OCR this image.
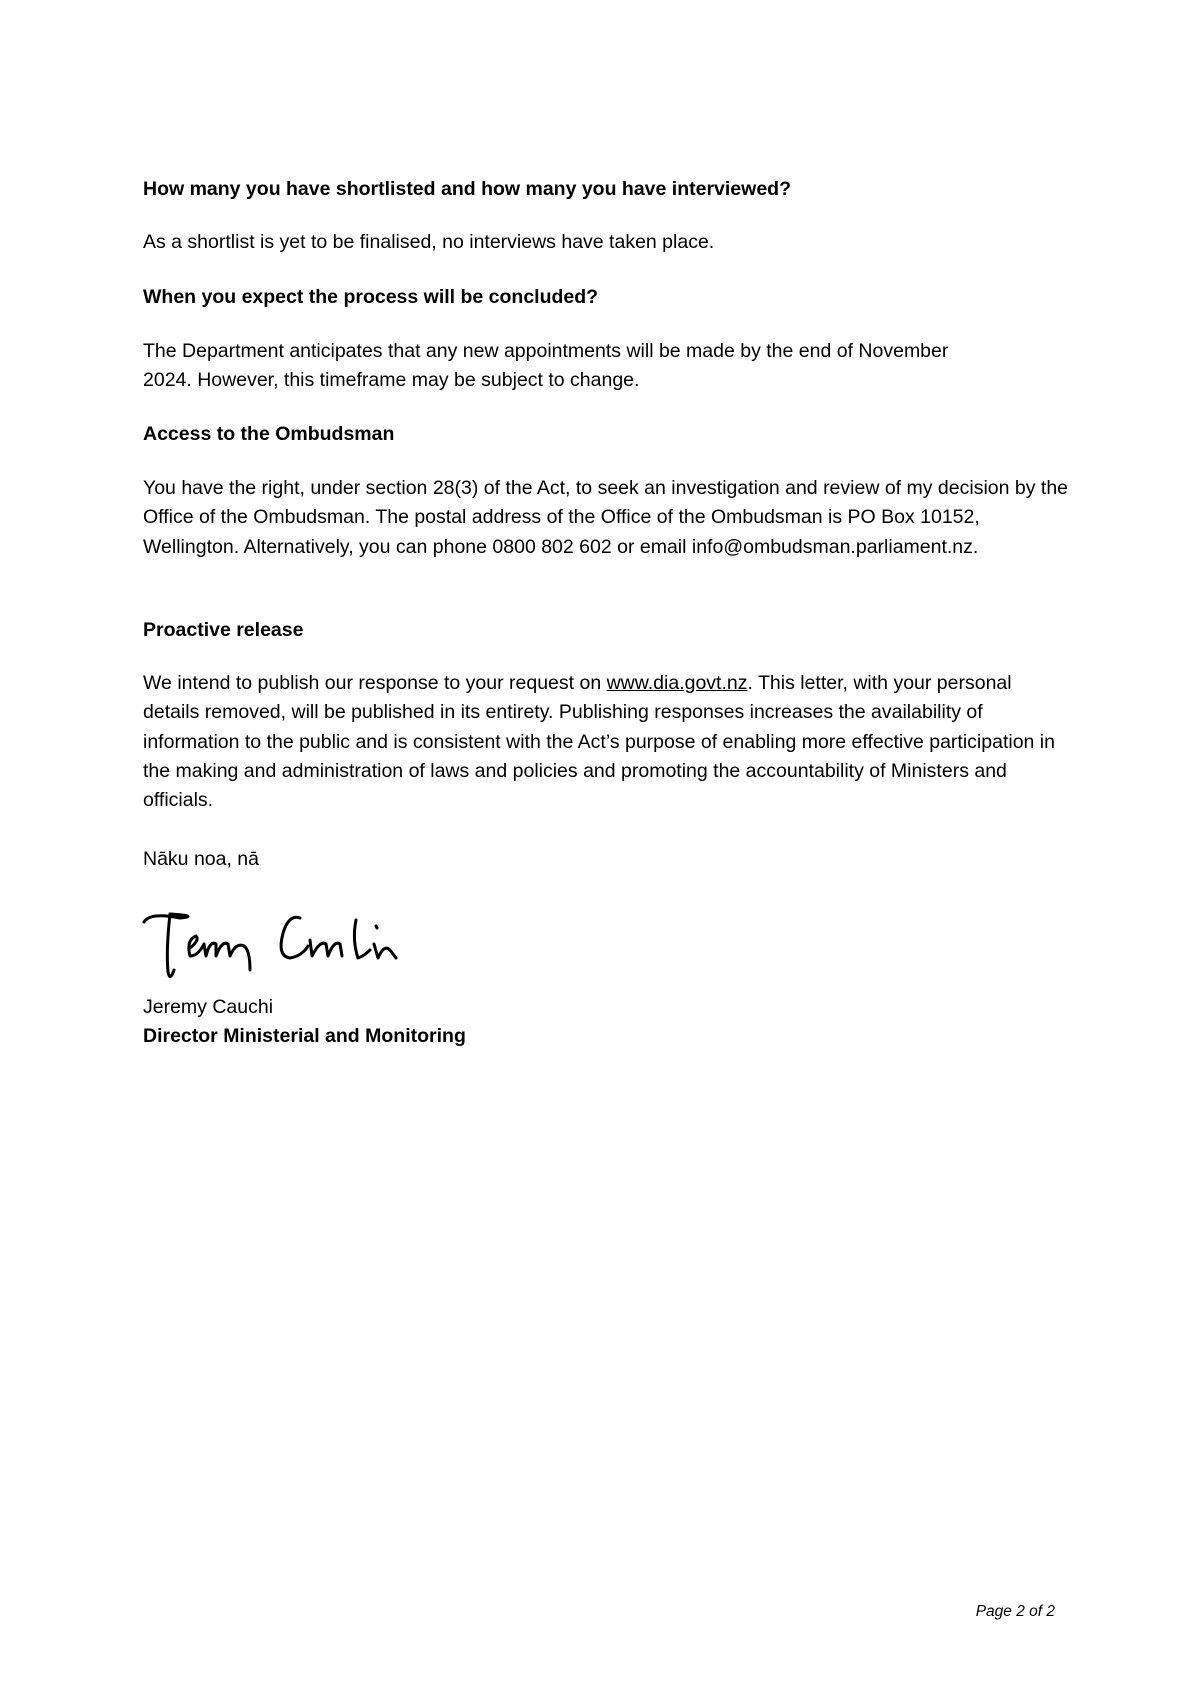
How many you have shortlisted and how many you have interviewed?
As a shortlist is yet to be finalised, no interviews have taken place.
When you expect the process will be concluded?
The Department anticipates that any new appointments will be made by the end of November 2024. However, this timeframe may be subject to change.
Access to the Ombudsman
You have the right, under section 28(3) of the Act, to seek an investigation and review of my decision by the Office of the Ombudsman. The postal address of the Office of the Ombudsman is PO Box 10152, Wellington. Alternatively, you can phone 0800 802 602 or email info@ombudsman.parliament.nz.
Proactive release
We intend to publish our response to your request on www.dia.govt.nz. This letter, with your personal details removed, will be published in its entirety. Publishing responses increases the availability of information to the public and is consistent with the Act’s purpose of enabling more effective participation in the making and administration of laws and policies and promoting the accountability of Ministers and officials.
Nāku noa, nā
Jeremy Cauchi
Director Ministerial and Monitoring
Page 2 of 2
